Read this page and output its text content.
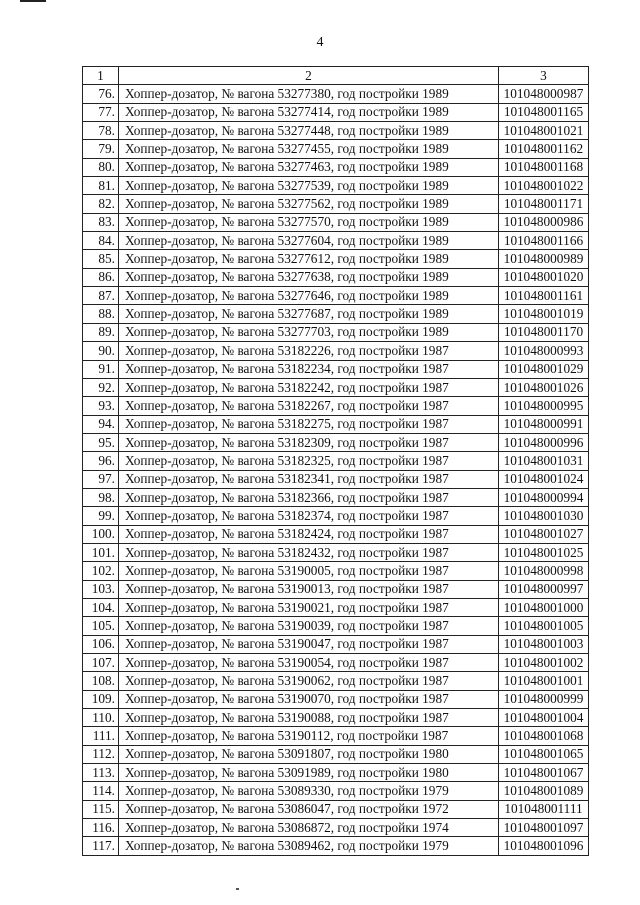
4
1	2	3
76.	Хоппер-дозатор, № вагона 53277380, год постройки 1989	101048000987
77.	Хоппер-дозатор, № вагона 53277414, год постройки 1989	101048001165
78.	Хоппер-дозатор, № вагона 53277448, год постройки 1989	101048001021
79.	Хоппер-дозатор, № вагона 53277455, год постройки 1989	101048001162
80.	Хоппер-дозатор, № вагона 53277463, год постройки 1989	101048001168
81.	Хоппер-дозатор, № вагона 53277539, год постройки 1989	101048001022
82.	Хоппер-дозатор, № вагона 53277562, год постройки 1989	101048001171
83.	Хоппер-дозатор, № вагона 53277570, год постройки 1989	101048000986
84.	Хоппер-дозатор, № вагона 53277604, год постройки 1989	101048001166
85.	Хоппер-дозатор, № вагона 53277612, год постройки 1989	101048000989
86.	Хоппер-дозатор, № вагона 53277638, год постройки 1989	101048001020
87.	Хоппер-дозатор, № вагона 53277646, год постройки 1989	101048001161
88.	Хоппер-дозатор, № вагона 53277687, год постройки 1989	101048001019
89.	Хоппер-дозатор, № вагона 53277703, год постройки 1989	101048001170
90.	Хоппер-дозатор, № вагона 53182226, год постройки 1987	101048000993
91.	Хоппер-дозатор, № вагона 53182234, год постройки 1987	101048001029
92.	Хоппер-дозатор, № вагона 53182242, год постройки 1987	101048001026
93.	Хоппер-дозатор, № вагона 53182267, год постройки 1987	101048000995
94.	Хоппер-дозатор, № вагона 53182275, год постройки 1987	101048000991
95.	Хоппер-дозатор, № вагона 53182309, год постройки 1987	101048000996
96.	Хоппер-дозатор, № вагона 53182325, год постройки 1987	101048001031
97.	Хоппер-дозатор, № вагона 53182341, год постройки 1987	101048001024
98.	Хоппер-дозатор, № вагона 53182366, год постройки 1987	101048000994
99.	Хоппер-дозатор, № вагона 53182374, год постройки 1987	101048001030
100.	Хоппер-дозатор, № вагона 53182424, год постройки 1987	101048001027
101.	Хоппер-дозатор, № вагона 53182432, год постройки 1987	101048001025
102.	Хоппер-дозатор, № вагона 53190005, год постройки 1987	101048000998
103.	Хоппер-дозатор, № вагона 53190013, год постройки 1987	101048000997
104.	Хоппер-дозатор, № вагона 53190021, год постройки 1987	101048001000
105.	Хоппер-дозатор, № вагона 53190039, год постройки 1987	101048001005
106.	Хоппер-дозатор, № вагона 53190047, год постройки 1987	101048001003
107.	Хоппер-дозатор, № вагона 53190054, год постройки 1987	101048001002
108.	Хоппер-дозатор, № вагона 53190062, год постройки 1987	101048001001
109.	Хоппер-дозатор, № вагона 53190070, год постройки 1987	101048000999
110.	Хоппер-дозатор, № вагона 53190088, год постройки 1987	101048001004
111.	Хоппер-дозатор, № вагона 53190112, год постройки 1987	101048001068
112.	Хоппер-дозатор, № вагона 53091807, год постройки 1980	101048001065
113.	Хоппер-дозатор, № вагона 53091989, год постройки 1980	101048001067
114.	Хоппер-дозатор, № вагона 53089330, год постройки 1979	101048001089
115.	Хоппер-дозатор, № вагона 53086047, год постройки 1972	101048001111
116.	Хоппер-дозатор, № вагона 53086872, год постройки 1974	101048001097
117.	Хоппер-дозатор, № вагона 53089462, год постройки 1979	101048001096
